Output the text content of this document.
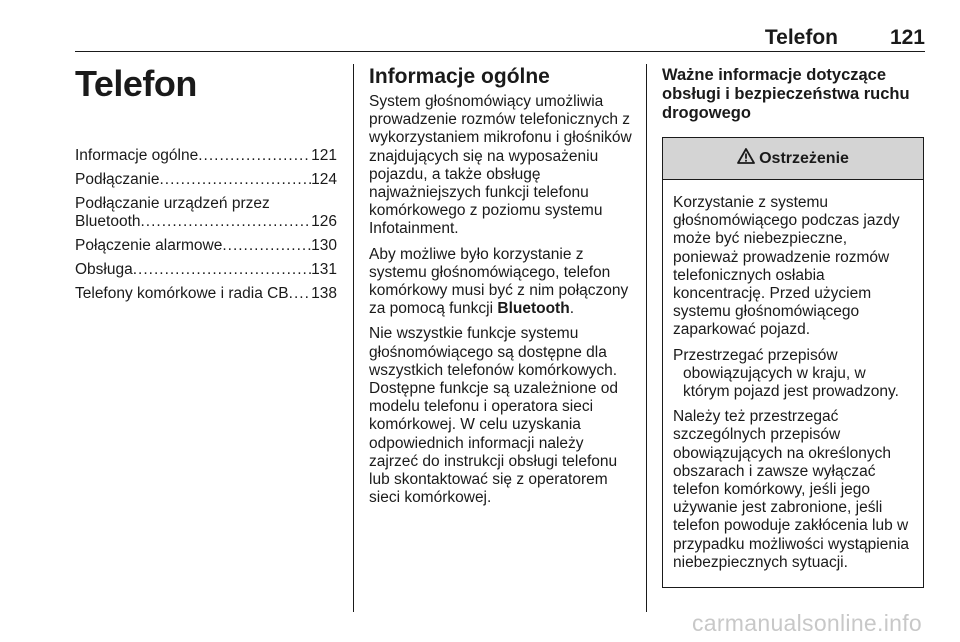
Telefon 121
Telefon
Informacje ogólne .....	121
Podłączanie .....	124
Podłączanie urządzeń przez
Bluetooth .....	126
Połączenie alarmowe .....	130
Obsługa .....	131
Telefony komórkowe i radia CB ..... 138
Informacje ogólne

System głośnomówiący umożliwia prowadzenie rozmów telefonicznych z wykorzystaniem mikrofonu i głośników znajdujących się na wyposażeniu pojazdu, a także obsługę najważniejszych funkcji telefonu komórkowego z poziomu systemu Infotainment.

Aby możliwe było korzystanie z systemu głośnomówiącego, telefon komórkowy musi być z nim połączony za pomocą funkcji Bluetooth.

Nie wszystkie funkcje systemu głośnomówiącego są dostępne dla wszystkich telefonów komórkowych. Dostępne funkcje są uzależnione od modelu telefonu i operatora sieci komórkowej. W celu uzyskania odpowiednich informacji należy zajrzeć do instrukcji obsługi telefonu lub skontaktować się z operatorem sieci komórkowej.

Ważne informacje dotyczące obsługi i bezpieczeństwa ruchu drogowego
Ostrzeżenie

Korzystanie z systemu głośnomówiącego podczas jazdy może być niebezpieczne, ponieważ prowadzenie rozmów telefonicznych osłabia koncentrację. Przed użyciem systemu głośnomówiącego zaparkować pojazd.

Przestrzegać przepisów obowiązujących w kraju, w którym pojazd jest prowadzony.

Należy też przestrzegać szczególnych przepisów obowiązujących na określonych obszarach i zawsze wyłączać telefon komórkowy, jeśli jego używanie jest zabronione, jeśli telefon powoduje zakłócenia lub w przypadku możliwości wystąpienia niebezpiecznych sytuacji.

carmanualsonline.info
